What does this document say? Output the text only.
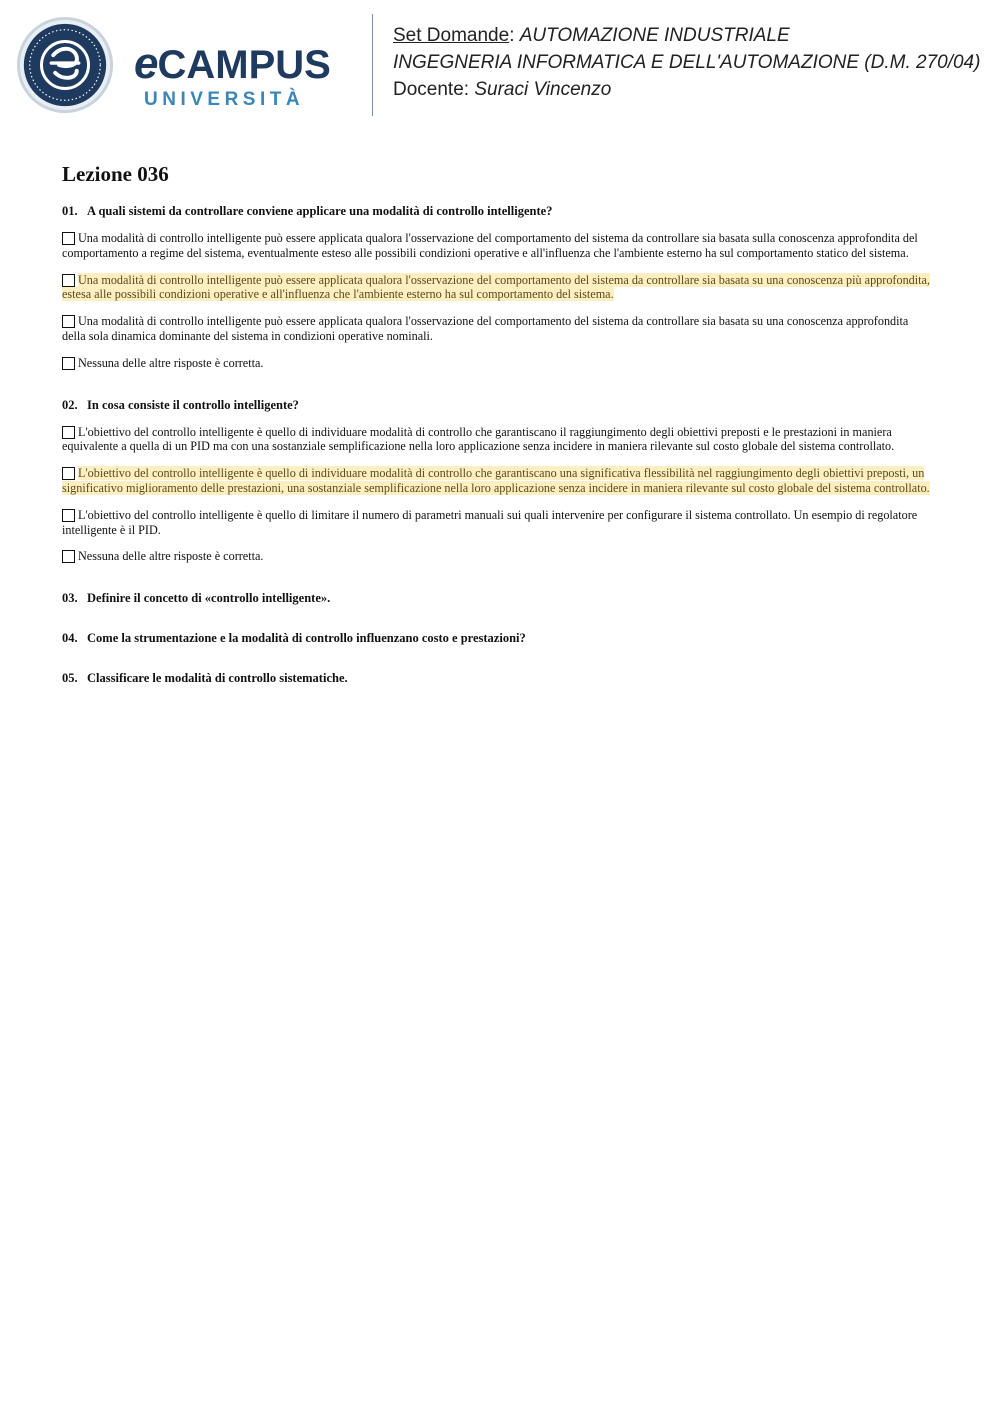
eCAMPUS
UNIVERSITÀ
Set Domande: AUTOMAZIONE INDUSTRIALE
INGEGNERIA INFORMATICA E DELL'AUTOMAZIONE (D.M. 270/04)
Docente: Suraci Vincenzo
Lezione 036
01. A quali sistemi da controllare conviene applicare una modalità di controllo intelligente?
Una modalità di controllo intelligente può essere applicata qualora l'osservazione del comportamento del sistema da controllare sia basata sulla conoscenza approfondita del comportamento a regime del sistema, eventualmente esteso alle possibili condizioni operative e all'influenza che l'ambiente esterno ha sul comportamento statico del sistema.
Una modalità di controllo intelligente può essere applicata qualora l'osservazione del comportamento del sistema da controllare sia basata su una conoscenza più approfondita, estesa alle possibili condizioni operative e all'influenza che l'ambiente esterno ha sul comportamento del sistema.
Una modalità di controllo intelligente può essere applicata qualora l'osservazione del comportamento del sistema da controllare sia basata su una conoscenza approfondita della sola dinamica dominante del sistema in condizioni operative nominali.
Nessuna delle altre risposte è corretta.
02. In cosa consiste il controllo intelligente?
L'obiettivo del controllo intelligente è quello di individuare modalità di controllo che garantiscano il raggiungimento degli obiettivi preposti e le prestazioni in maniera equivalente a quella di un PID ma con una sostanziale semplificazione nella loro applicazione senza incidere in maniera rilevante sul costo globale del sistema controllato.
L'obiettivo del controllo intelligente è quello di individuare modalità di controllo che garantiscano una significativa flessibilità nel raggiungimento degli obiettivi preposti, un significativo miglioramento delle prestazioni, una sostanziale semplificazione nella loro applicazione senza incidere in maniera rilevante sul costo globale del sistema controllato.
L'obiettivo del controllo intelligente è quello di limitare il numero di parametri manuali sui quali intervenire per configurare il sistema controllato. Un esempio di regolatore intelligente è il PID.
Nessuna delle altre risposte è corretta.
03. Definire il concetto di «controllo intelligente».
04. Come la strumentazione e la modalità di controllo influenzano costo e prestazioni?
05. Classificare le modalità di controllo sistematiche.
